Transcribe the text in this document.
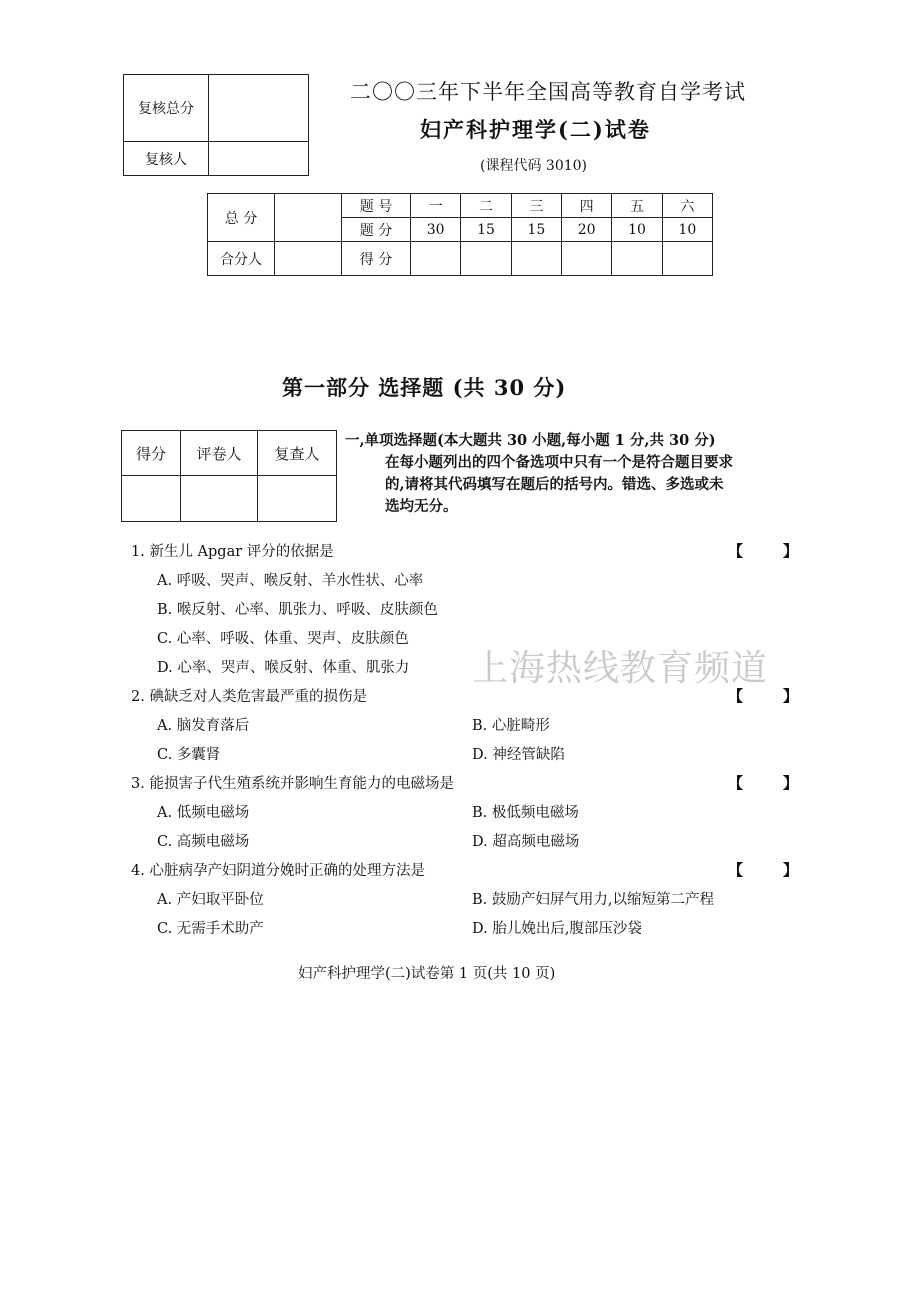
复核总分	
复核人	
二〇〇三年下半年全国高等教育自学考试
妇产科护理学(二)试卷
(课程代码 3010)
总 分		题 号	一	二	三	四	五	六
		题 分	30	15	15	20	10	10
合分人		得 分						
第一部分 选择题 (共 30 分)
得分	评卷人	复查人

一,单项选择题(本大题共 30 小题,每小题 1 分,共 30 分)
在每小题列出的四个备选项中只有一个是符合题目要求
的,请将其代码填写在题后的括号内。错选、多选或未
选均无分。
1. 新生儿 Apgar 评分的依据是	【	】
A. 呼吸、哭声、喉反射、羊水性状、心率
B. 喉反射、心率、肌张力、呼吸、皮肤颜色
C. 心率、呼吸、体重、哭声、皮肤颜色
D. 心率、哭声、喉反射、体重、肌张力 上海热线教育频道
2. 碘缺乏对人类危害最严重的损伤是	【	】
A. 脑发育落后	B. 心脏畸形
C. 多囊肾	D. 神经管缺陷
3. 能损害子代生殖系统并影响生育能力的电磁场是	【	】
A. 低频电磁场	B. 极低频电磁场
C. 高频电磁场	D. 超高频电磁场
4. 心脏病孕产妇阴道分娩时正确的处理方法是	【	】
A. 产妇取平卧位	B. 鼓励产妇屏气用力,以缩短第二产程
C. 无需手术助产	D. 胎儿娩出后,腹部压沙袋
妇产科护理学(二)试卷第 1 页(共 10 页)
